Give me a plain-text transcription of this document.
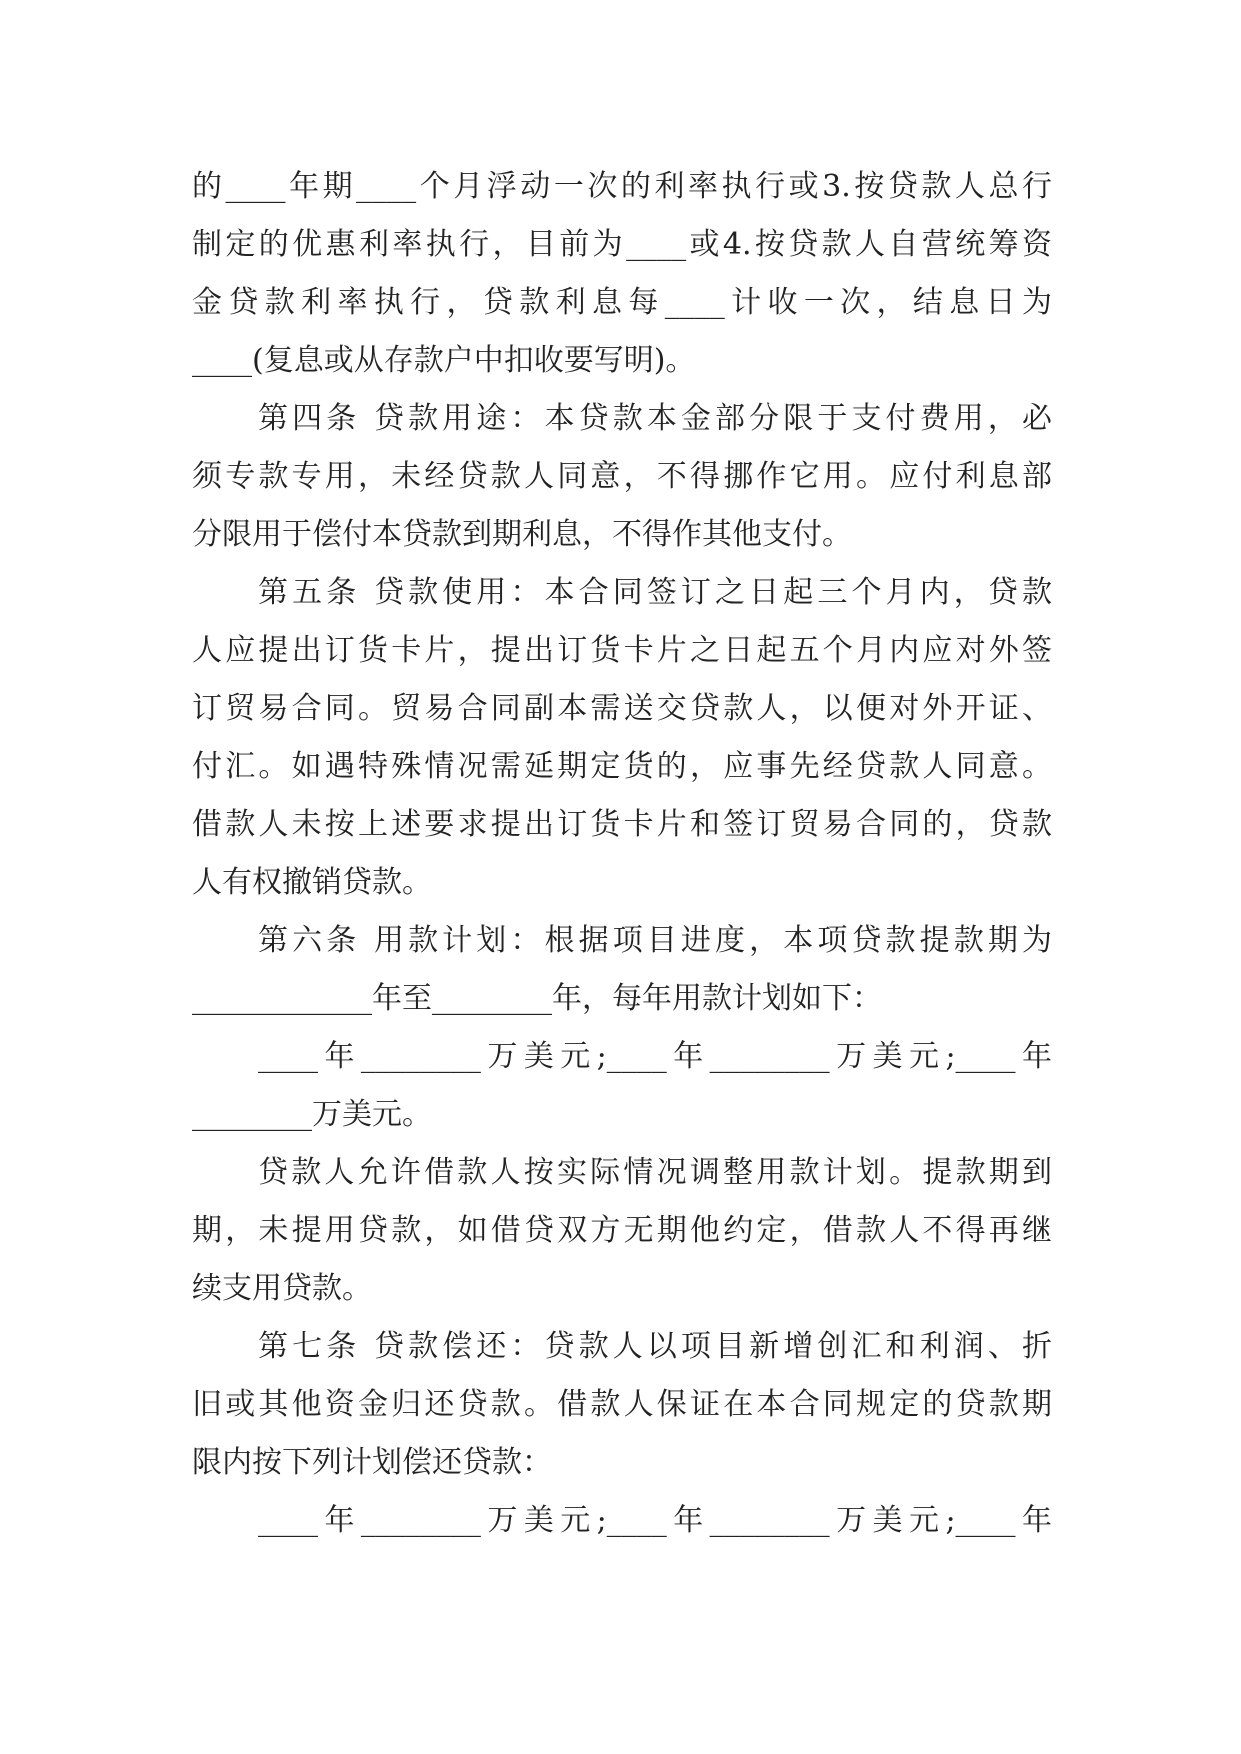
的____年期____个月浮动一次的利率执行或3.按贷款人总行
制定的优惠利率执行，目前为____或4.按贷款人自营统筹资
金贷款利率执行，贷款利息每____计收一次，结息日为
____(复息或从存款户中扣收要写明)。
第四条 贷款用途：本贷款本金部分限于支付费用，必
须专款专用，未经贷款人同意，不得挪作它用。应付利息部
分限用于偿付本贷款到期利息，不得作其他支付。
第五条 贷款使用：本合同签订之日起三个月内，贷款
人应提出订货卡片，提出订货卡片之日起五个月内应对外签
订贸易合同。贸易合同副本需送交贷款人，以便对外开证、
付汇。如遇特殊情况需延期定货的，应事先经贷款人同意。
借款人未按上述要求提出订货卡片和签订贸易合同的，贷款
人有权撤销贷款。
第六条 用款计划：根据项目进度，本项贷款提款期为
____________年至________年，每年用款计划如下：
____年________万美元;____年________万美元;____年
________万美元。
贷款人允许借款人按实际情况调整用款计划。提款期到
期，未提用贷款，如借贷双方无期他约定，借款人不得再继
续支用贷款。
第七条 贷款偿还：贷款人以项目新增创汇和利润、折
旧或其他资金归还贷款。借款人保证在本合同规定的贷款期
限内按下列计划偿还贷款：
____年________万美元;____年________万美元;____年
